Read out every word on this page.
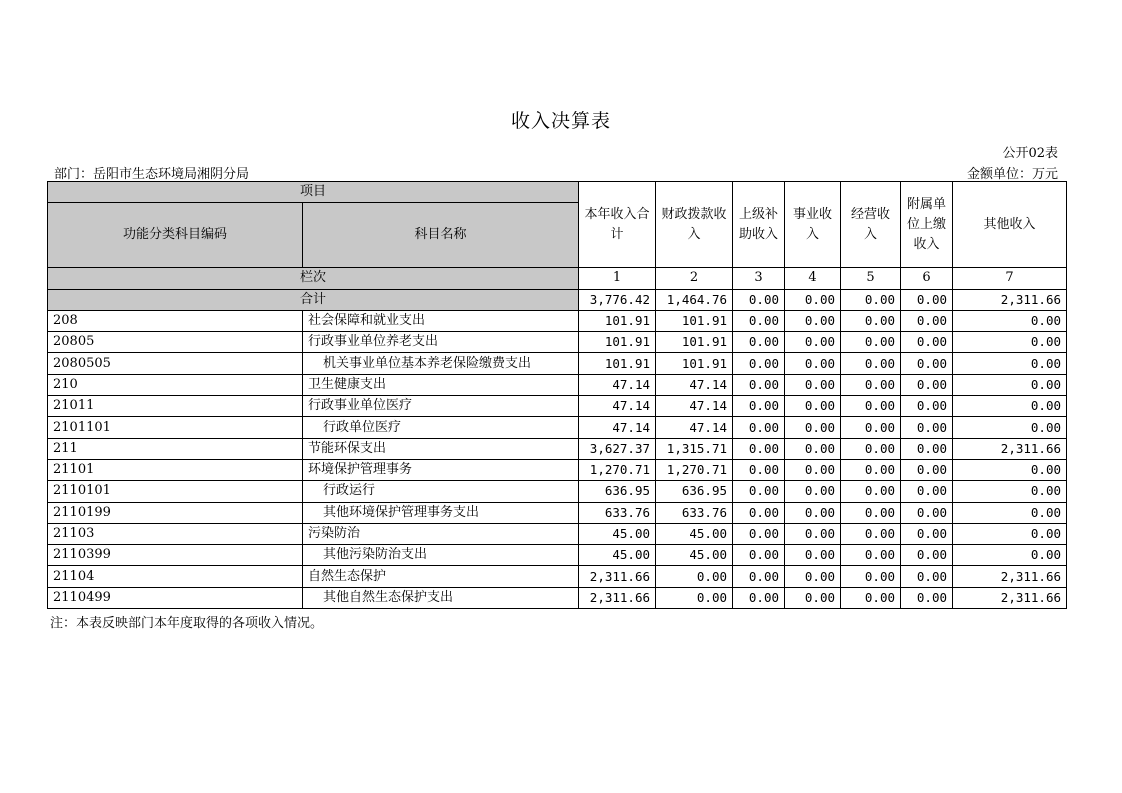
收入决算表
公开02表
部门：岳阳市生态环境局湘阴分局	金额单位：万元
项目		本年收入合计	财政拨款收入	上级补助收入	事业收入	经营收入	附属单位上缴收入	其他收入
功能分类科目编码	科目名称							
栏次		1	2	3	4	5	6	7
合计		3,776.42	1,464.76	0.00	0.00	0.00	0.00	2,311.66
208	社会保障和就业支出	101.91	101.91	0.00	0.00	0.00	0.00	0.00
20805	行政事业单位养老支出	101.91	101.91	0.00	0.00	0.00	0.00	0.00
2080505	机关事业单位基本养老保险缴费支出	101.91	101.91	0.00	0.00	0.00	0.00	0.00
210	卫生健康支出	47.14	47.14	0.00	0.00	0.00	0.00	0.00
21011	行政事业单位医疗	47.14	47.14	0.00	0.00	0.00	0.00	0.00
2101101	行政单位医疗	47.14	47.14	0.00	0.00	0.00	0.00	0.00
211	节能环保支出	3,627.37	1,315.71	0.00	0.00	0.00	0.00	2,311.66
21101	环境保护管理事务	1,270.71	1,270.71	0.00	0.00	0.00	0.00	0.00
2110101	行政运行	636.95	636.95	0.00	0.00	0.00	0.00	0.00
2110199	其他环境保护管理事务支出	633.76	633.76	0.00	0.00	0.00	0.00	0.00
21103	污染防治	45.00	45.00	0.00	0.00	0.00	0.00	0.00
2110399	其他污染防治支出	45.00	45.00	0.00	0.00	0.00	0.00	0.00
21104	自然生态保护	2,311.66	0.00	0.00	0.00	0.00	0.00	2,311.66
2110499	其他自然生态保护支出	2,311.66	0.00	0.00	0.00	0.00	0.00	2,311.66
注：本表反映部门本年度取得的各项收入情况。
